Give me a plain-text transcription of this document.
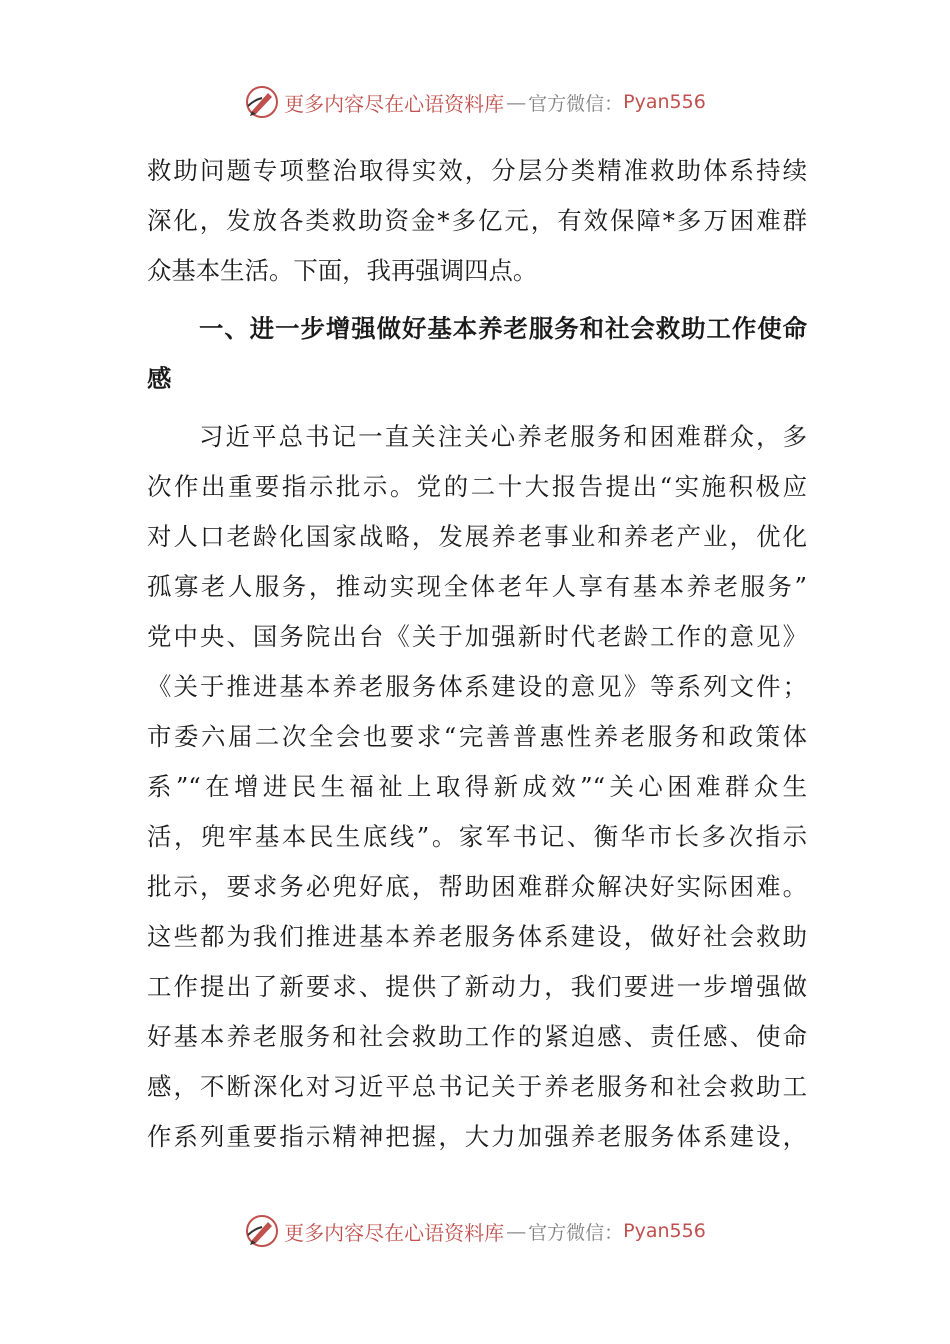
更多内容尽在心语资料库 — 官方微信： Pyan556
救助问题专项整治取得实效，分层分类精准救助体系持续
深化，发放各类救助资金*多亿元，有效保障*多万困难群
众基本生活。下面，我再强调四点。
一、进一步增强做好基本养老服务和社会救助工作使命
感
习近平总书记一直关注关心养老服务和困难群众，多
次作出重要指示批示。党的二十大报告提出“实施积极应
对人口老龄化国家战略，发展养老事业和养老产业，优化
孤寡老人服务，推动实现全体老年人享有基本养老服务”
党中央、国务院出台《关于加强新时代老龄工作的意见》
《关于推进基本养老服务体系建设的意见》等系列文件；
市委六届二次全会也要求“完善普惠性养老服务和政策体
系”“在增进民生福祉上取得新成效”“关心困难群众生
活，兜牢基本民生底线”。家军书记、衡华市长多次指示
批示，要求务必兜好底，帮助困难群众解决好实际困难。
这些都为我们推进基本养老服务体系建设，做好社会救助
工作提出了新要求、提供了新动力，我们要进一步增强做
好基本养老服务和社会救助工作的紧迫感、责任感、使命
感，不断深化对习近平总书记关于养老服务和社会救助工
作系列重要指示精神把握，大力加强养老服务体系建设，
更多内容尽在心语资料库 — 官方微信： Pyan556
